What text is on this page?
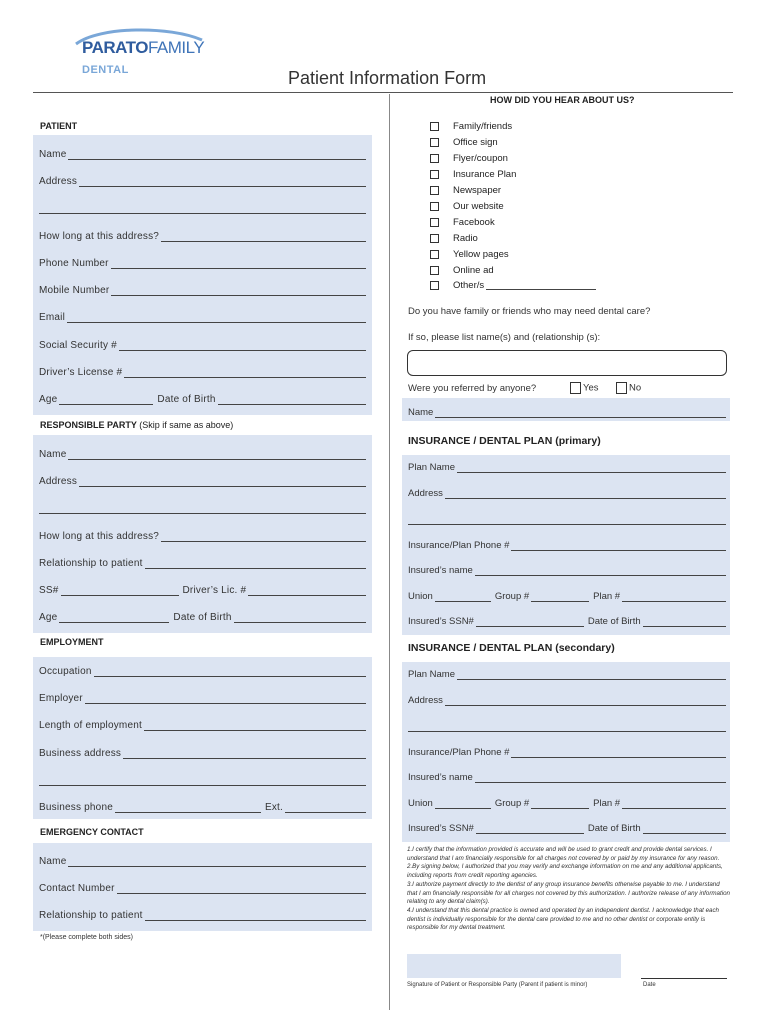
PARATOFAMILY
DENTAL	Patient Information Form
HOW DID YOU HEAR ABOUT US?
PATIENT
Name
Address
How long at this address?
Phone Number
Mobile Number
Email
Social Security #
Driver’s License #
Age	Date of Birth
RESPONSIBLE PARTY (Skip if same as above)
Name
Address
How long at this address?
Relationship to patient
SS#	Driver’s Lic. #
Age	Date of Birth
EMPLOYMENT
Occupation
Employer
Length of employment
Business address
Business phone	Ext.
EMERGENCY CONTACT
Name
Contact Number
Relationship to patient
*(Please complete both sides)
Family/friends
Office sign
Flyer/coupon
Insurance Plan
Newspaper
Our website
Facebook
Radio
Yellow pages
Online ad
Other/s
Do you have family or friends who may need dental care?
If so, please list name(s) and (relationship (s):
Were you referred by anyone?	Yes	No
Name
INSURANCE / DENTAL PLAN (primary)
Plan Name
Address
Insurance/Plan Phone #
Insured’s name
Union	Group #	Plan #
Insured’s SSN#	Date of Birth
INSURANCE / DENTAL PLAN (secondary)
Plan Name
Address
Insurance/Plan Phone #
Insured’s name
Union	Group #	Plan #
Insured’s SSN#	Date of Birth

1.I certify that the information provided is accurate and will be used to grant credit and provide dental services. I understand that I am financially responsible for all charges not covered by or paid by my insurance for any reason.

2.By signing below, I authorized that you may verify and exchange information on me and any additional applicants, including reports from credit reporting agencies.

3.I authorize payment directly to the dentist of any group insurance benefits otherwise payable to me. I understand that I am financially responsible for all charges not covered by this authorization. I authorize release of any information relating to any dental claim(s).

4.I understand that this dental practice is owned and operated by an independent dentist. I acknowledge that each dentist is individually responsible for the dental care provided to me and no other dentist or corporate entity is responsible for my dental treatment.

Signature of Patient or Responsible Party (Parent if patient is minor)	Date
